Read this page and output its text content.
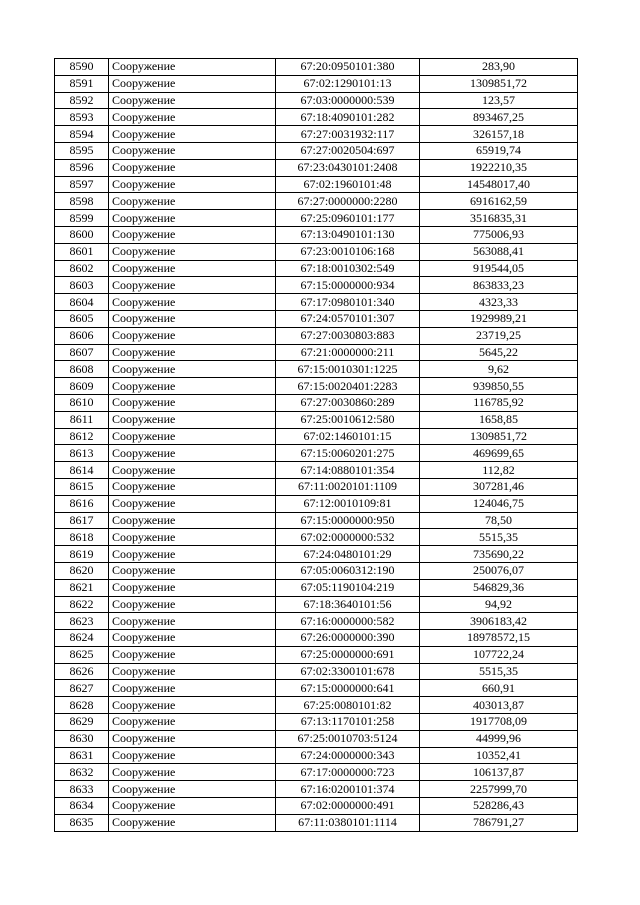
8590	Сооружение	67:20:0950101:380	283,90
8591	Сооружение	67:02:1290101:13	1309851,72
8592	Сооружение	67:03:0000000:539	123,57
8593	Сооружение	67:18:4090101:282	893467,25
8594	Сооружение	67:27:0031932:117	326157,18
8595	Сооружение	67:27:0020504:697	65919,74
8596	Сооружение	67:23:0430101:2408	1922210,35
8597	Сооружение	67:02:1960101:48	14548017,40
8598	Сооружение	67:27:0000000:2280	6916162,59
8599	Сооружение	67:25:0960101:177	3516835,31
8600	Сооружение	67:13:0490101:130	775006,93
8601	Сооружение	67:23:0010106:168	563088,41
8602	Сооружение	67:18:0010302:549	919544,05
8603	Сооружение	67:15:0000000:934	863833,23
8604	Сооружение	67:17:0980101:340	4323,33
8605	Сооружение	67:24:0570101:307	1929989,21
8606	Сооружение	67:27:0030803:883	23719,25
8607	Сооружение	67:21:0000000:211	5645,22
8608	Сооружение	67:15:0010301:1225	9,62
8609	Сооружение	67:15:0020401:2283	939850,55
8610	Сооружение	67:27:0030860:289	116785,92
8611	Сооружение	67:25:0010612:580	1658,85
8612	Сооружение	67:02:1460101:15	1309851,72
8613	Сооружение	67:15:0060201:275	469699,65
8614	Сооружение	67:14:0880101:354	112,82
8615	Сооружение	67:11:0020101:1109	307281,46
8616	Сооружение	67:12:0010109:81	124046,75
8617	Сооружение	67:15:0000000:950	78,50
8618	Сооружение	67:02:0000000:532	5515,35
8619	Сооружение	67:24:0480101:29	735690,22
8620	Сооружение	67:05:0060312:190	250076,07
8621	Сооружение	67:05:1190104:219	546829,36
8622	Сооружение	67:18:3640101:56	94,92
8623	Сооружение	67:16:0000000:582	3906183,42
8624	Сооружение	67:26:0000000:390	18978572,15
8625	Сооружение	67:25:0000000:691	107722,24
8626	Сооружение	67:02:3300101:678	5515,35
8627	Сооружение	67:15:0000000:641	660,91
8628	Сооружение	67:25:0080101:82	403013,87
8629	Сооружение	67:13:1170101:258	1917708,09
8630	Сооружение	67:25:0010703:5124	44999,96
8631	Сооружение	67:24:0000000:343	10352,41
8632	Сооружение	67:17:0000000:723	106137,87
8633	Сооружение	67:16:0200101:374	2257999,70
8634	Сооружение	67:02:0000000:491	528286,43
8635	Сооружение	67:11:0380101:1114	786791,27
